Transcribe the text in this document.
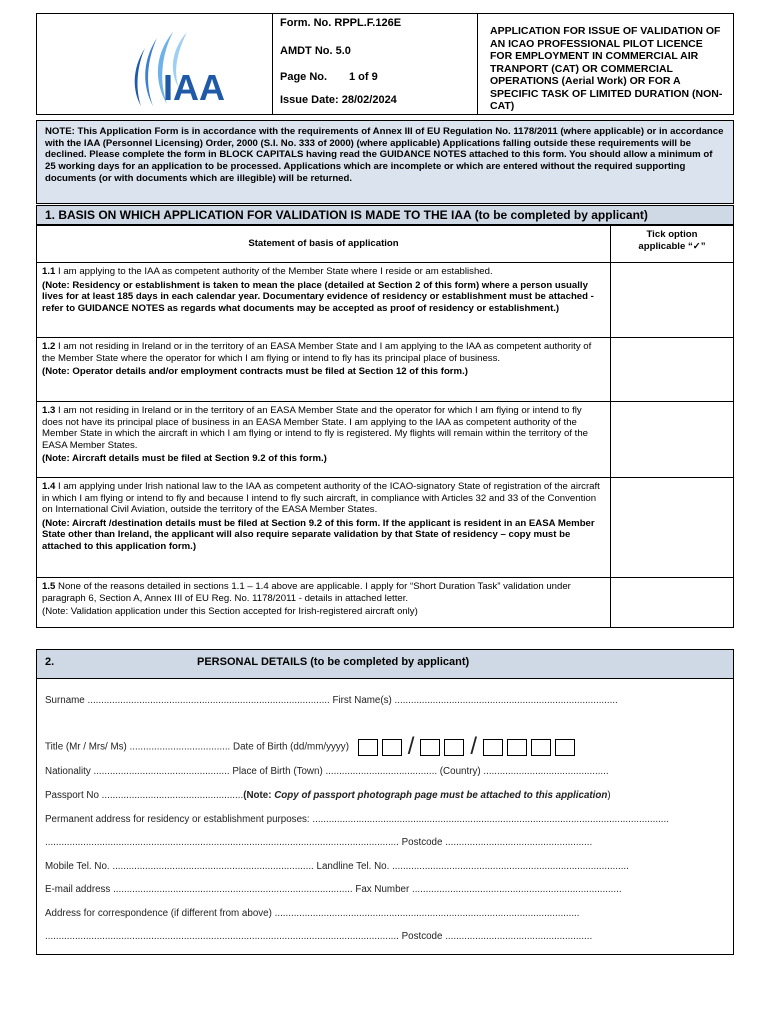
IAA
Form. No. RPPL.F.126E
AMDT No. 5.0
Page No. 1 of 9
Issue Date: 28/02/2024
APPLICATION FOR ISSUE OF VALIDATION OF AN ICAO PROFESSIONAL PILOT LICENCE FOR EMPLOYMENT IN COMMERCIAL AIR TRANPORT (CAT) OR COMMERCIAL OPERATIONS (Aerial Work) OR FOR A SPECIFIC TASK OF LIMITED DURATION (NON-CAT)
NOTE: This Application Form is in accordance with the requirements of Annex III of EU Regulation No. 1178/2011 (where applicable) or in accordance with the IAA (Personnel Licensing) Order, 2000 (S.I. No. 333 of 2000) (where applicable) Applications falling outside these requirements will be declined. Please complete the form in BLOCK CAPITALS having read the GUIDANCE NOTES attached to this form. You should allow a minimum of 25 working days for an application to be processed. Applications which are incomplete or which are entered without the required supporting documents (or with documents which are illegible) will be returned.
1. BASIS ON WHICH APPLICATION FOR VALIDATION IS MADE TO THE IAA (to be completed by applicant)
Statement of basis of application	Tick option
applicable “✓”

1.1 I am applying to the IAA as competent authority of the Member State where I reside or am established.
(Note: Residency or establishment is taken to mean the place (detailed at Section 2 of this form) where a person usually lives for at least 185 days in each calendar year. Documentary evidence of residency or establishment must be attached - refer to GUIDANCE NOTES as regards what documents may be accepted as proof of residency or establishment.)	

1.2 I am not residing in Ireland or in the territory of an EASA Member State and I am applying to the IAA as competent authority of the Member State where the operator for which I am flying or intend to fly has its principal place of business.
(Note: Operator details and/or employment contracts must be filed at Section 12 of this form.)	

1.3 I am not residing in Ireland or in the territory of an EASA Member State and the operator for which I am flying or intend to fly does not have its principal place of business in an EASA Member State. I am applying to the IAA as competent authority of the Member State in which the aircraft in which I am flying or intend to fly is registered. My flights will remain within the territory of the EASA Member States.
(Note: Aircraft details must be filed at Section 9.2 of this form.)	

1.4 I am applying under Irish national law to the IAA as competent authority of the ICAO-signatory State of registration of the aircraft in which I am flying or intend to fly and because I intend to fly such aircraft, in compliance with Articles 32 and 33 of the Convention on International Civil Aviation, outside the territory of the EASA Member States.
(Note: Aircraft /destination details must be filed at Section 9.2 of this form. If the applicant is resident in an EASA Member State other than Ireland, the applicant will also require separate validation by that State of residency – copy must be attached to this application form.)	

1.5 None of the reasons detailed in sections 1.1 – 1.4 above are applicable. I apply for “Short Duration Task” validation under paragraph 6, Section A, Annex III of EU Reg. No. 1178/2011 - details in attached letter.
(Note: Validation application under this Section accepted for Irish-registered aircraft only)	

2.	PERSONAL DETAILS (to be completed by applicant)
Surname ......................................................................................... First Name(s) ..................................................................................
Title (Mr / Mrs/ Ms) ..................................... Date of Birth (dd/mm/yyyy) / /
Nationality .................................................. Place of Birth (Town) ......................................... (Country) ..............................................
Passport No ....................................................(Note: Copy of passport photograph page must be attached to this application)
Permanent address for residency or establishment purposes: ...................................................................................................................................
.................................................................................................................................. Postcode ......................................................
Mobile Tel. No. .......................................................................... Landline Tel. No. .......................................................................................
E-mail address ........................................................................................ Fax Number .............................................................................
Address for correspondence (if different from above) ................................................................................................................
.................................................................................................................................. Postcode ......................................................
